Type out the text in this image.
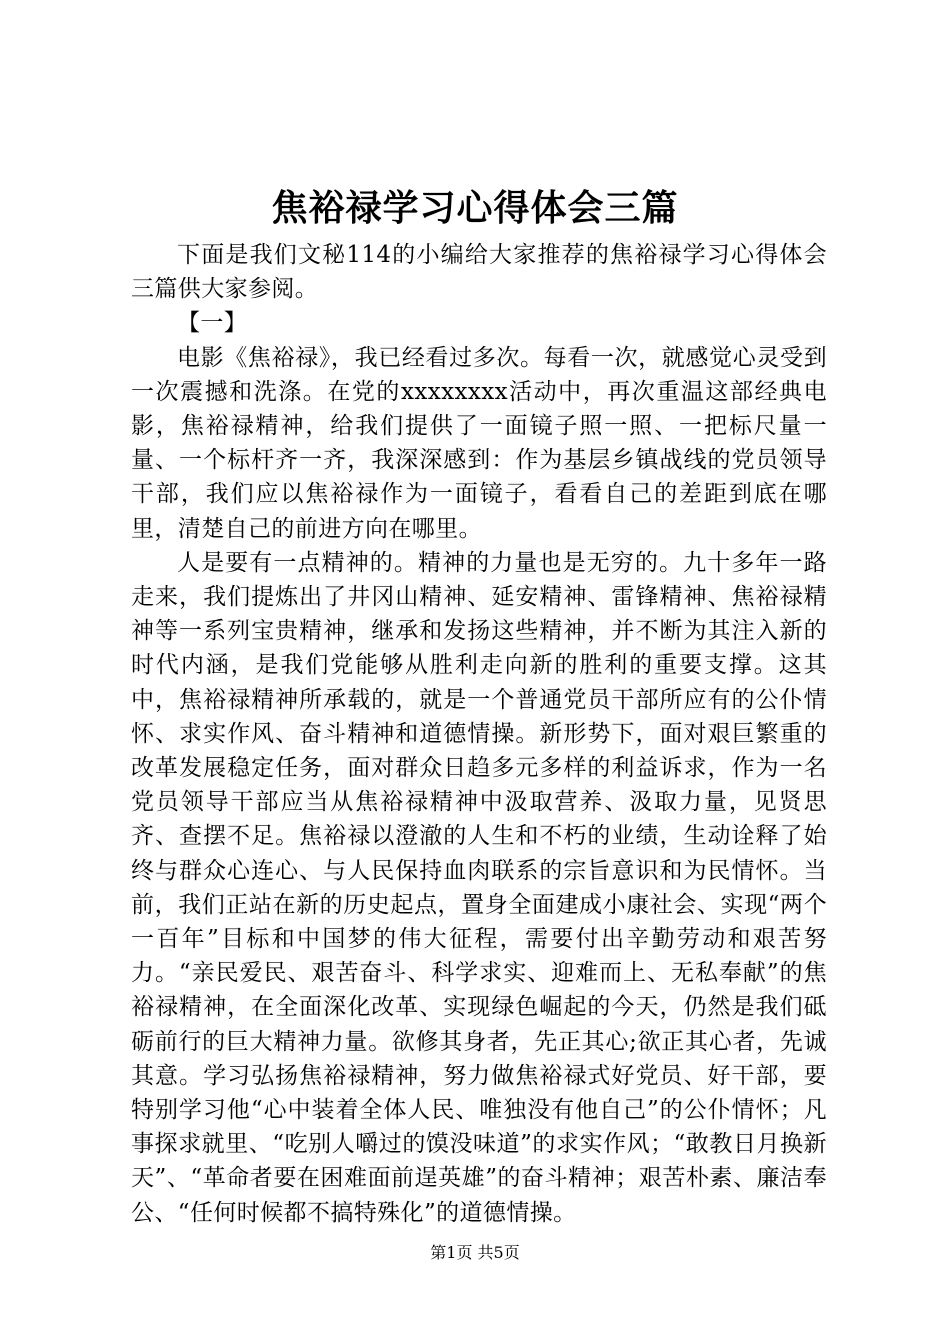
焦裕禄学习心得体会三篇

下面是我们文秘114的小编给大家推荐的焦裕禄学习心得体会三篇供大家参阅。

【一】

电影《焦裕禄》，我已经看过多次。每看一次，就感觉心灵受到一次震撼和洗涤。在党的xxxxxxxx活动中，再次重温这部经典电影，焦裕禄精神，给我们提供了一面镜子照一照、一把标尺量一量、一个标杆齐一齐，我深深感到：作为基层乡镇战线的党员领导干部，我们应以焦裕禄作为一面镜子，看看自己的差距到底在哪里，清楚自己的前进方向在哪里。

人是要有一点精神的。精神的力量也是无穷的。九十多年一路走来，我们提炼出了井冈山精神、延安精神、雷锋精神、焦裕禄精神等一系列宝贵精神，继承和发扬这些精神，并不断为其注入新的时代内涵，是我们党能够从胜利走向新的胜利的重要支撑。这其中，焦裕禄精神所承载的，就是一个普通党员干部所应有的公仆情怀、求实作风、奋斗精神和道德情操。新形势下，面对艰巨繁重的改革发展稳定任务，面对群众日趋多元多样的利益诉求，作为一名党员领导干部应当从焦裕禄精神中汲取营养、汲取力量，见贤思齐、查摆不足。焦裕禄以澄澈的人生和不朽的业绩，生动诠释了始终与群众心连心、与人民保持血肉联系的宗旨意识和为民情怀。当前，我们正站在新的历史起点，置身全面建成小康社会、实现“两个一百年”目标和中国梦的伟大征程，需要付出辛勤劳动和艰苦努力。“亲民爱民、艰苦奋斗、科学求实、迎难而上、无私奉献”的焦裕禄精神，在全面深化改革、实现绿色崛起的今天，仍然是我们砥砺前行的巨大精神力量。欲修其身者，先正其心;欲正其心者，先诚其意。学习弘扬焦裕禄精神，努力做焦裕禄式好党员、好干部，要特别学习他“心中装着全体人民、唯独没有他自己”的公仆情怀；凡事探求就里、“吃别人嚼过的馍没味道”的求实作风；“敢教日月换新天”、“革命者要在困难面前逞英雄”的奋斗精神；艰苦朴素、廉洁奉公、“任何时候都不搞特殊化”的道德情操。

第1页 共5页
